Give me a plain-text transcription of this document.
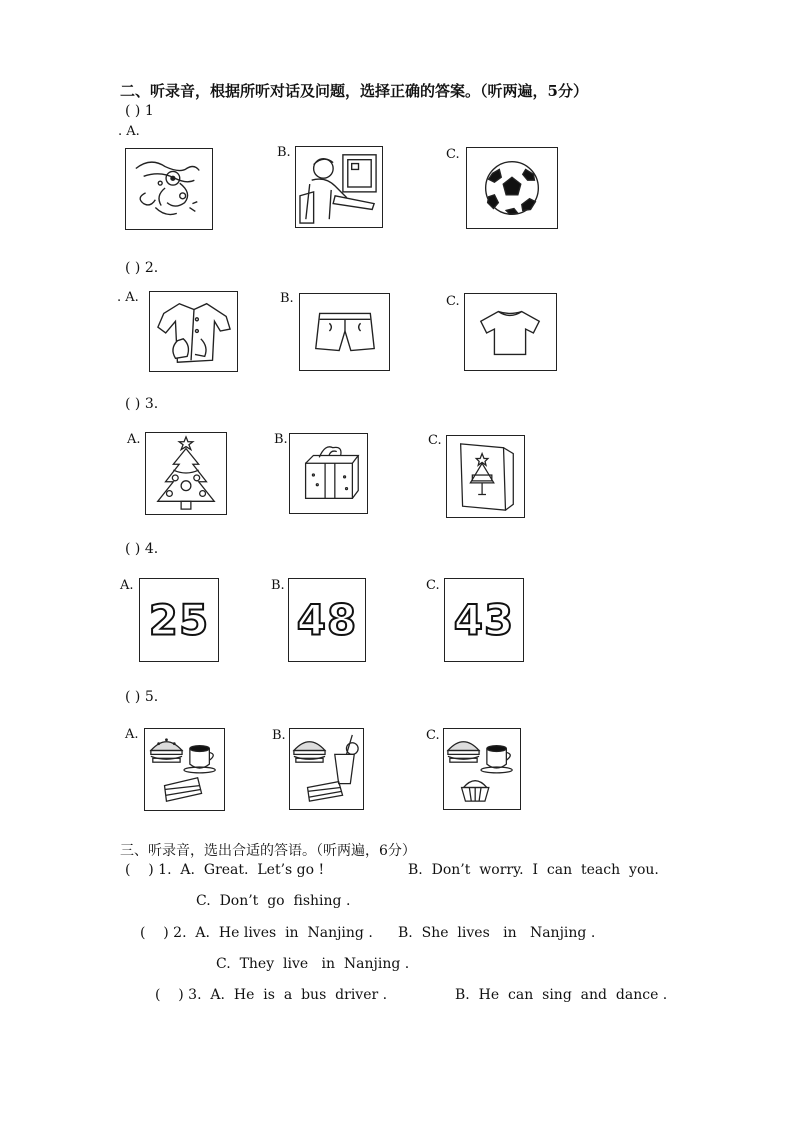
二、听录音，根据所听对话及问题，选择正确的答案。（听两遍，5分）
( ) 1
. A.
B.	C.
( ) 2.
. A.	B.	C.
( ) 3.
A.	B.	C.
( ) 4.
A.
25
B.
48
C.
43
( ) 5.
A.	B.	C.
三、听录音，选出合适的答语。（听两遍，6分）
(    ) 1.  A.  Great.  Let’s go !	B.  Don’t  worry.  I  can  teach  you.
C.  Don’t  go  fishing .
(    ) 2.  A.  He lives  in  Nanjing . B.  She  lives   in   Nanjing .
C.  They  live   in  Nanjing .
(    ) 3.  A.  He  is  a  bus  driver .	B.  He  can  sing  and  dance .
